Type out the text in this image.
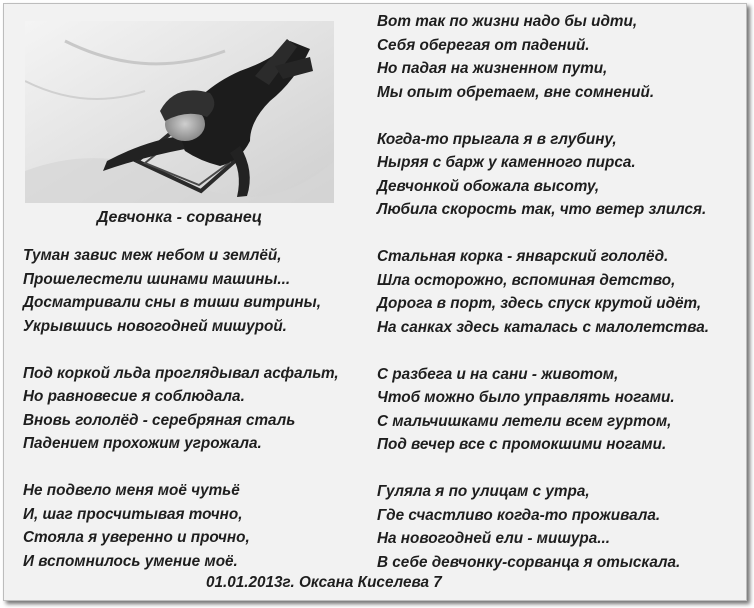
Девчонка - сорванец
Туман завис меж небом и землёй,
Прошелестели шинами машины...
Досматривали сны в тиши витрины,
Укрывшись новогодней мишурой.
Под коркой льда проглядывал асфальт,
Но равновесие я соблюдала.
Вновь гололёд - серебряная сталь
Падением прохожим угрожала.
Не подвело меня моё чутьё
И, шаг просчитывая точно,
Стояла я уверенно и прочно,
И вспомнилось умение моё.
Вот так по жизни надо бы идти,
Себя оберегая от падений.
Но падая на жизненном пути,
Мы опыт обретаем, вне сомнений.
Когда-то прыгала я в глубину,
Ныряя с барж у каменного пирса.
Девчонкой обожала высоту,
Любила скорость так, что ветер злился.
Стальная корка - январский гололёд.
Шла осторожно, вспоминая детство,
Дорога в порт, здесь спуск крутой идёт,
На санках здесь каталась с малолетства.
С разбега и на сани - животом,
Чтоб можно было управлять ногами.
С мальчишками летели всем гуртом,
Под вечер все с промокшими ногами.
Гуляла я по улицам с утра,
Где счастливо когда-то проживала.
На новогодней ели - мишура...
В себе девчонку-сорванца я отыскала.
01.01.2013г. Оксана Киселева 7
